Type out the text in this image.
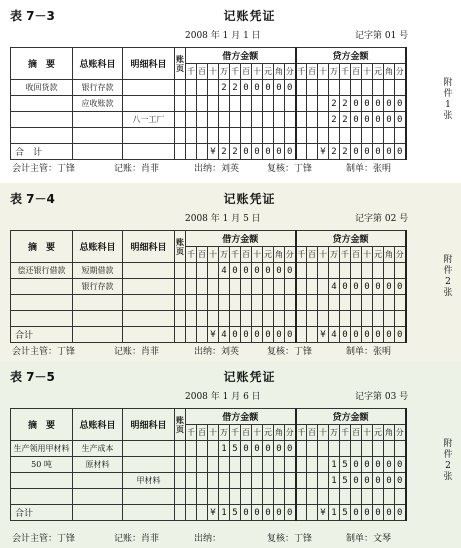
表 7－3	记账凭证
2008 年 1 月 1 日	记字第 01 号
摘　要	总账科目	明细科目	账页	借方金额										贷方金额									
				千	百	十	万	千	百	十	元	角	分	千	百	十	万	千	百	十	元	角	分
收回货款	银行存款						2	2	0	0	0	0	0										
	应收账款																2	2	0	0	0	0	0
		八一工厂															2	2	0	0	0	0	0

合　计						¥	2	2	0	0	0	0	0			¥	2	2	0	0	0	0	0
附
件
1
张
会计主管：丁锋	记账：肖菲	出纳：刘英	复核：丁锋	制单：张明
表 7－4	记账凭证
2008 年 1 月 5 日	记字第 02 号
摘　要	总账科目	明细科目	账页	借方金额										贷方金额									
				千	百	十	万	千	百	十	元	角	分	千	百	十	万	千	百	十	元	角	分
偿还银行借款	短期借款						4	0	0	0	0	0	0										
	银行存款																4	0	0	0	0	0	0

合计						¥	4	0	0	0	0	0	0			¥	4	0	0	0	0	0	0
附
件
2
张
会计主管：丁锋	记账：肖菲	出纳：刘英	复核：丁锋	制单：张明
表 7－5	记账凭证
2008 年 1 月 6 日	记字第 03 号
摘　要	总账科目	明细科目	账页	借方金额										贷方金额									
				千	百	十	万	千	百	十	元	角	分	千	百	十	万	千	百	十	元	角	分
生产领用甲材料	生产成本						1	5	0	0	0	0	0										
50 吨	原材料																1	5	0	0	0	0	0
		甲材料															1	5	0	0	0	0	0

合计						¥	1	5	0	0	0	0	0			¥	1	5	0	0	0	0	0
附
件
2
张
会计主管：丁锋	记账：肖菲	出纳：	复核：丁锋	制单：文琴
